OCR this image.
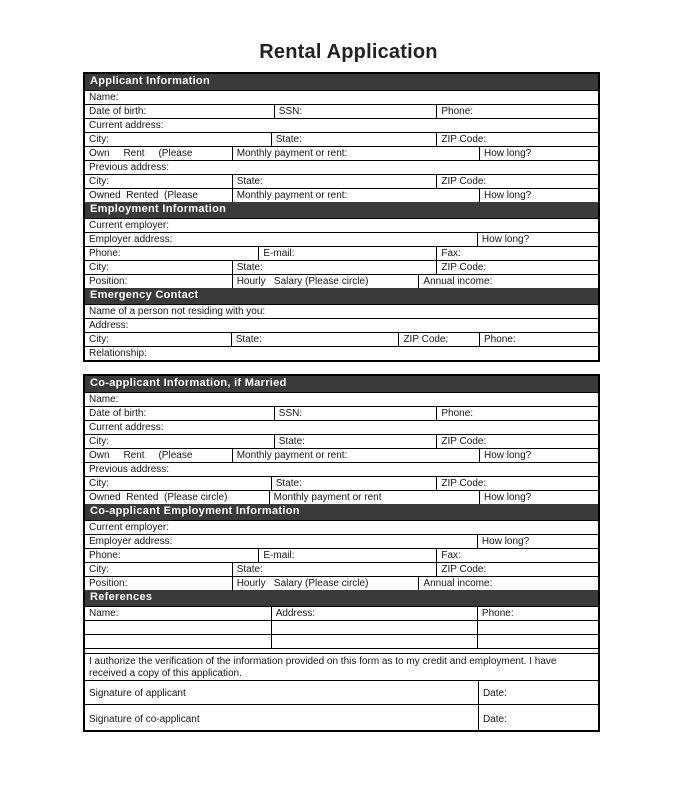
Rental Application
Applicant Information
Name:
Date of birth:	SSN:	Phone:
Current address:
City:	State:	ZIP Code:
Own     Rent     (Please	Monthly payment or rent:	How long?
Previous address:
City:	State:	ZIP Code:
Owned  Rented  (Please	Monthly payment or rent:	How long?
Employment Information
Current employer:
Employer address:	How long?
Phone:	E-mail:	Fax:
City:	State:	ZIP Code:
Position:	Hourly   Salary (Please circle)	Annual income:
Emergency Contact
Name of a person not residing with you:
Address:
City:	State:	ZIP Code:	Phone:
Relationship:
Co-applicant Information, if Married
Name:
Date of birth:	SSN:	Phone:
Current address:
City:	State:	ZIP Code:
Own     Rent     (Please	Monthly payment or rent:	How long?
Previous address:
City:	State:	ZIP Code:
Owned  Rented  (Please circle)	Monthly payment or rent	How long?
Co-applicant Employment Information
Current employer:
Employer address:	How long?
Phone:	E-mail:	Fax:
City:	State:	ZIP Code:
Position:	Hourly   Salary (Please circle)	Annual income:
References
Name:	Address:	Phone:
I authorize the verification of the information provided on this form as to my credit and employment. I have received a copy of this application.
Signature of applicant	Date:
Signature of co-applicant	Date:
